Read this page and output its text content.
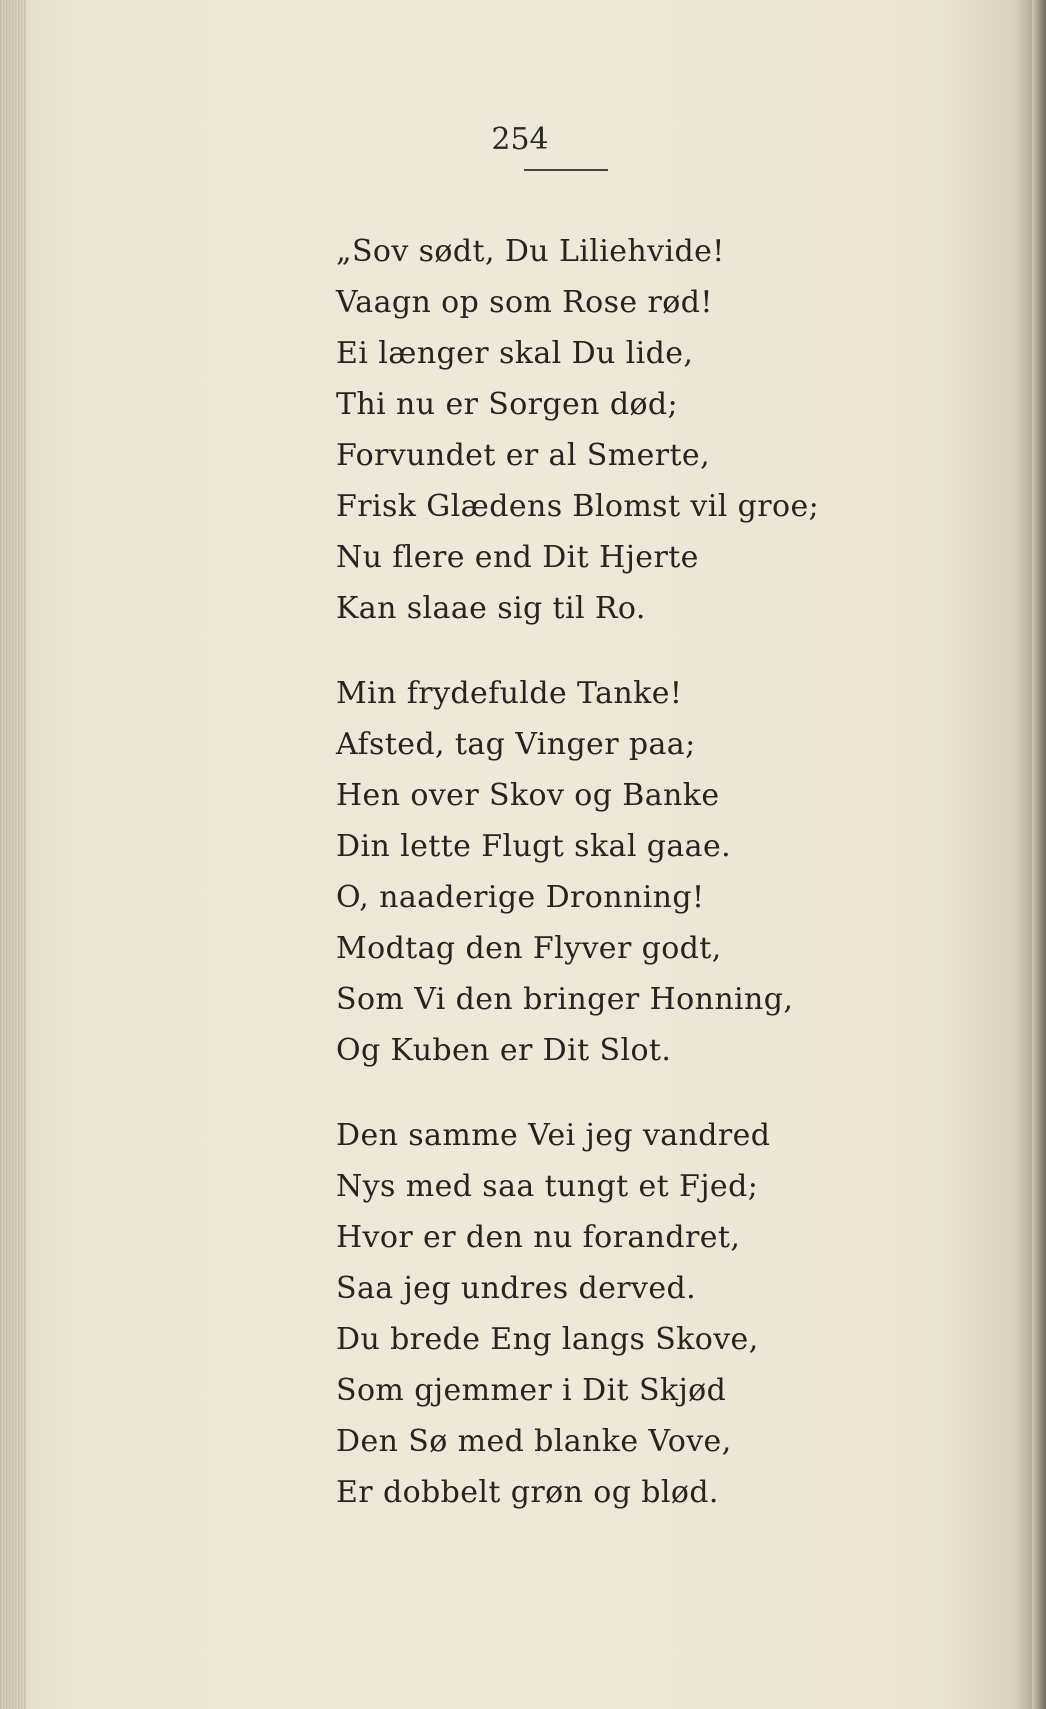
254
„Sov sødt, Du Liliehvide!
Vaagn op som Rose rød!
Ei længer skal Du lide,
Thi nu er Sorgen død;
Forvundet er al Smerte,
Frisk Glædens Blomst vil groe;
Nu flere end Dit Hjerte
Kan slaae sig til Ro.
Min frydefulde Tanke!
Afsted, tag Vinger paa;
Hen over Skov og Banke
Din lette Flugt skal gaae.
O, naaderige Dronning!
Modtag den Flyver godt,
Som Vi den bringer Honning,
Og Kuben er Dit Slot.
Den samme Vei jeg vandred
Nys med saa tungt et Fjed;
Hvor er den nu forandret,
Saa jeg undres derved.
Du brede Eng langs Skove,
Som gjemmer i Dit Skjød
Den Sø med blanke Vove,
Er dobbelt grøn og blød.
